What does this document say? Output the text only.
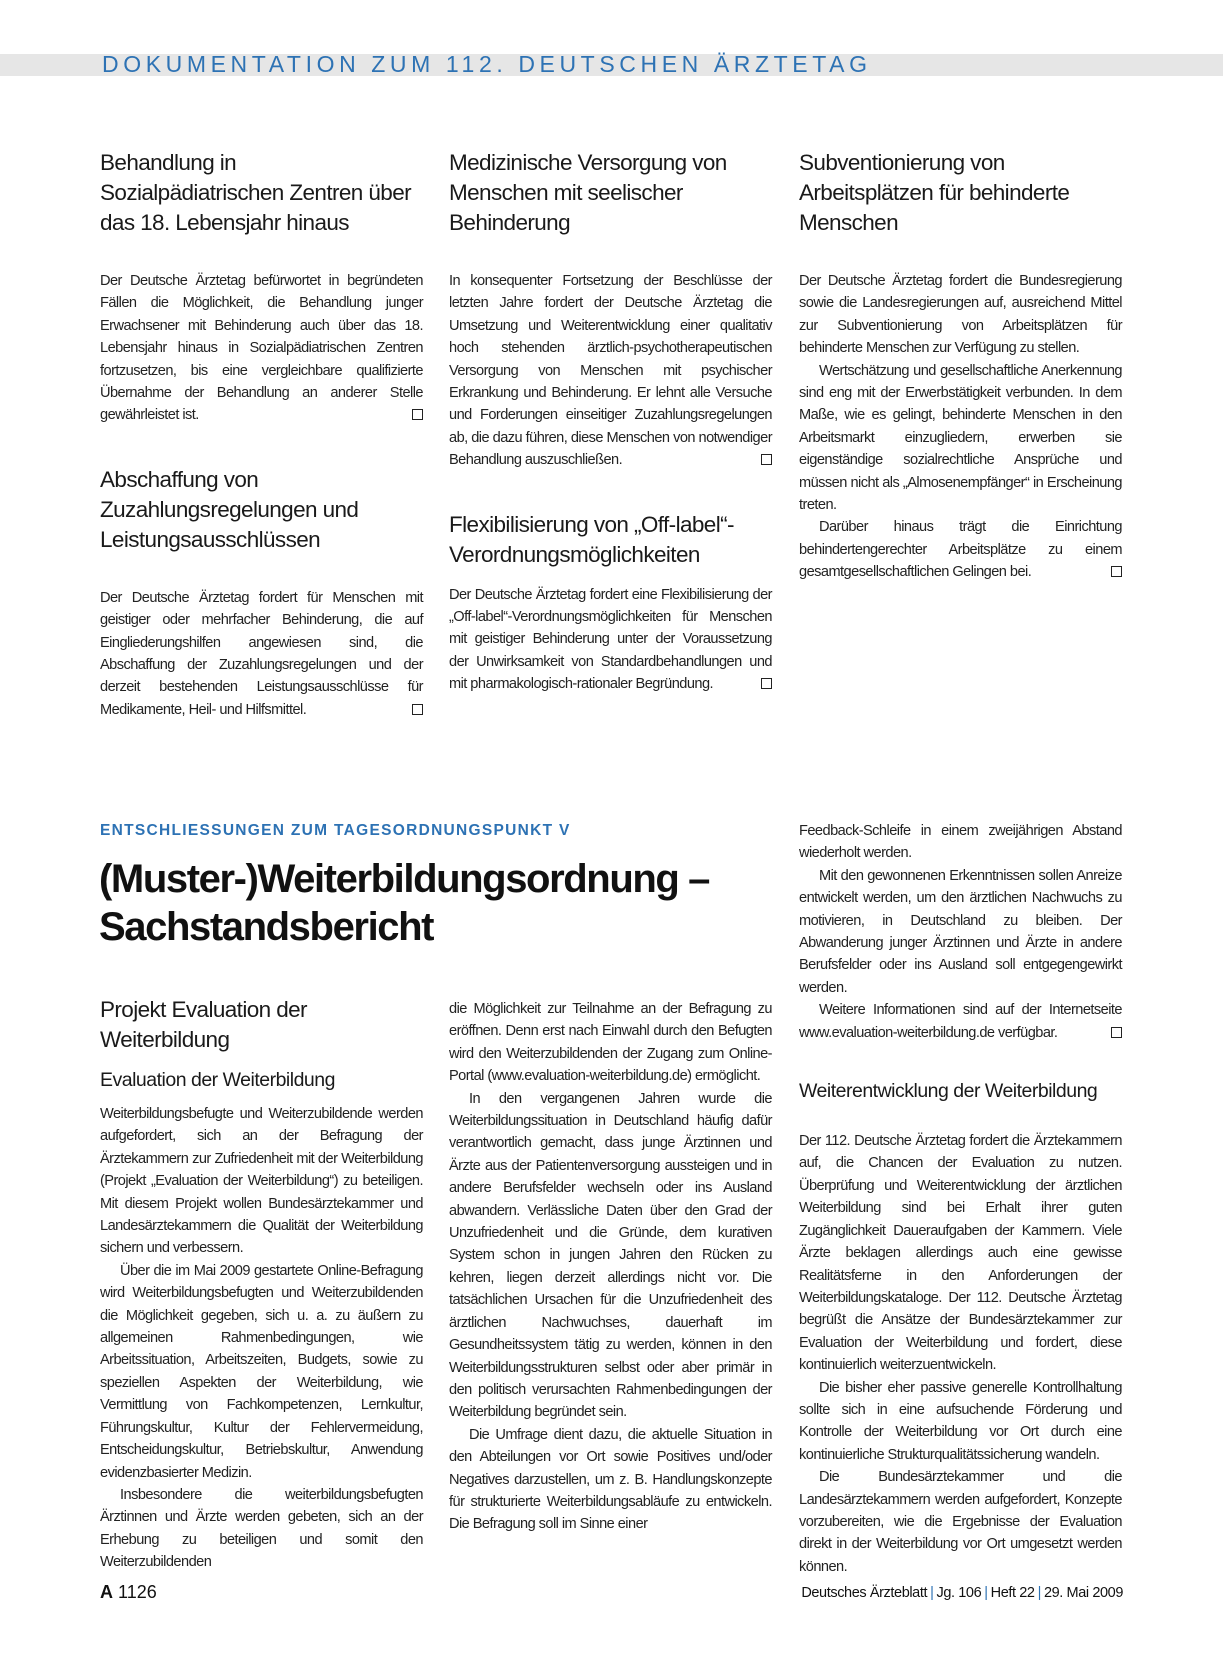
DOKUMENTATION ZUM 112. DEUTSCHEN ÄRZTETAG
Behandlung in Sozialpädiatrischen Zentren über das 18. Lebensjahr hinaus

Der Deutsche Ärztetag befürwortet in begründeten Fällen die Möglichkeit, die Behandlung junger Erwachsener mit Behinderung auch über das 18. Lebensjahr hinaus in Sozialpädiatrischen Zentren fortzusetzen, bis eine vergleichbare qualifizierte Übernahme der Behandlung an anderer Stelle gewährleistet ist.

Abschaffung von Zuzahlungsregelungen und Leistungsausschlüssen

Der Deutsche Ärztetag fordert für Menschen mit geistiger oder mehrfacher Behinderung, die auf Eingliederungshilfen angewiesen sind, die Abschaffung der Zuzahlungsregelungen und der derzeit bestehenden Leistungsausschlüsse für Medikamente, Heil- und Hilfsmittel.

Medizinische Versorgung von Menschen mit seelischer Behinderung

In konsequenter Fortsetzung der Beschlüsse der letzten Jahre fordert der Deutsche Ärztetag die Umsetzung und Weiterentwicklung einer qualitativ hoch stehenden ärztlich-psychotherapeutischen Versorgung von Menschen mit psychischer Erkrankung und Behinderung. Er lehnt alle Versuche und Forderungen einseitiger Zuzahlungsregelungen ab, die dazu führen, diese Menschen von notwendiger Behandlung auszuschließen.

Flexibilisierung von „Off-label“-Verordnungsmöglichkeiten

Der Deutsche Ärztetag fordert eine Flexibilisierung der „Off-label“-Verordnungsmöglichkeiten für Menschen mit geistiger Behinderung unter der Voraussetzung der Unwirksamkeit von Standardbehandlungen und mit pharmakologisch-rationaler Begründung.

Subventionierung von Arbeitsplätzen für behinderte Menschen

Der Deutsche Ärztetag fordert die Bundesregierung sowie die Landesregierungen auf, ausreichend Mittel zur Subventionierung von Arbeitsplätzen für behinderte Menschen zur Verfügung zu stellen.

Wertschätzung und gesellschaftliche Anerkennung sind eng mit der Erwerbstätigkeit verbunden. In dem Maße, wie es gelingt, behinderte Menschen in den Arbeitsmarkt einzugliedern, erwerben sie eigenständige sozialrechtliche Ansprüche und müssen nicht als „Almosenempfänger“ in Erscheinung treten.

Darüber hinaus trägt die Einrichtung behindertengerechter Arbeitsplätze zu einem gesamtgesellschaftlichen Gelingen bei.

ENTSCHLIESSUNGEN ZUM TAGESORDNUNGSPUNKT V
(Muster-)Weiterbildungsordnung – Sachstandsbericht
Projekt Evaluation der Weiterbildung
Evaluation der Weiterbildung

Weiterbildungsbefugte und Weiterzubildende werden aufgefordert, sich an der Befragung der Ärztekammern zur Zufriedenheit mit der Weiterbildung (Projekt „Evaluation der Weiterbildung“) zu beteiligen. Mit diesem Projekt wollen Bundesärztekammer und Landesärztekammern die Qualität der Weiterbildung sichern und verbessern.

Über die im Mai 2009 gestartete Online-Befragung wird Weiterbildungsbefugten und Weiterzubildenden die Möglichkeit gegeben, sich u. a. zu äußern zu allgemeinen Rahmenbedingungen, wie Arbeitssituation, Arbeitszeiten, Budgets, sowie zu speziellen Aspekten der Weiterbildung, wie Vermittlung von Fachkompetenzen, Lernkultur, Führungskultur, Kultur der Fehlervermeidung, Entscheidungskultur, Betriebskultur, Anwendung evidenzbasierter Medizin.

Insbesondere die weiterbildungsbefugten Ärztinnen und Ärzte werden gebeten, sich an der Erhebung zu beteiligen und somit den Weiterzubildenden

die Möglichkeit zur Teilnahme an der Befragung zu eröffnen. Denn erst nach Einwahl durch den Befugten wird den Weiterzubildenden der Zugang zum Online-Portal (www.evaluation-weiterbildung.de) ermöglicht.

In den vergangenen Jahren wurde die Weiterbildungssituation in Deutschland häufig dafür verantwortlich gemacht, dass junge Ärztinnen und Ärzte aus der Patientenversorgung aussteigen und in andere Berufsfelder wechseln oder ins Ausland abwandern. Verlässliche Daten über den Grad der Unzufriedenheit und die Gründe, dem kurativen System schon in jungen Jahren den Rücken zu kehren, liegen derzeit allerdings nicht vor. Die tatsächlichen Ursachen für die Unzufriedenheit des ärztlichen Nachwuchses, dauerhaft im Gesundheitssystem tätig zu werden, können in den Weiterbildungsstrukturen selbst oder aber primär in den politisch verursachten Rahmenbedingungen der Weiterbildung begründet sein.

Die Umfrage dient dazu, die aktuelle Situation in den Abteilungen vor Ort sowie Positives und/oder Negatives darzustellen, um z. B. Handlungskonzepte für strukturierte Weiterbildungsabläufe zu entwickeln. Die Befragung soll im Sinne einer

Feedback-Schleife in einem zweijährigen Abstand wiederholt werden.

Mit den gewonnenen Erkenntnissen sollen Anreize entwickelt werden, um den ärztlichen Nachwuchs zu motivieren, in Deutschland zu bleiben. Der Abwanderung junger Ärztinnen und Ärzte in andere Berufsfelder oder ins Ausland soll entgegengewirkt werden.

Weitere Informationen sind auf der Internetseite www.evaluation-weiterbildung.de verfügbar.

Weiterentwicklung der Weiterbildung

Der 112. Deutsche Ärztetag fordert die Ärztekammern auf, die Chancen der Evaluation zu nutzen. Überprüfung und Weiterentwicklung der ärztlichen Weiterbildung sind bei Erhalt ihrer guten Zugänglichkeit Daueraufgaben der Kammern. Viele Ärzte beklagen allerdings auch eine gewisse Realitätsferne in den Anforderungen der Weiterbildungskataloge. Der 112. Deutsche Ärztetag begrüßt die Ansätze der Bundesärztekammer zur Evaluation der Weiterbildung und fordert, diese kontinuierlich weiterzuentwickeln.

Die bisher eher passive generelle Kontrollhaltung sollte sich in eine aufsuchende Förderung und Kontrolle der Weiterbildung vor Ort durch eine kontinuierliche Strukturqualitätssicherung wandeln.

Die Bundesärztekammer und die Landesärztekammern werden aufgefordert, Konzepte vorzubereiten, wie die Ergebnisse der Evaluation direkt in der Weiterbildung vor Ort umgesetzt werden können.

A 1126	Deutsches Ärzteblatt | Jg. 106 | Heft 22 | 29. Mai 2009
